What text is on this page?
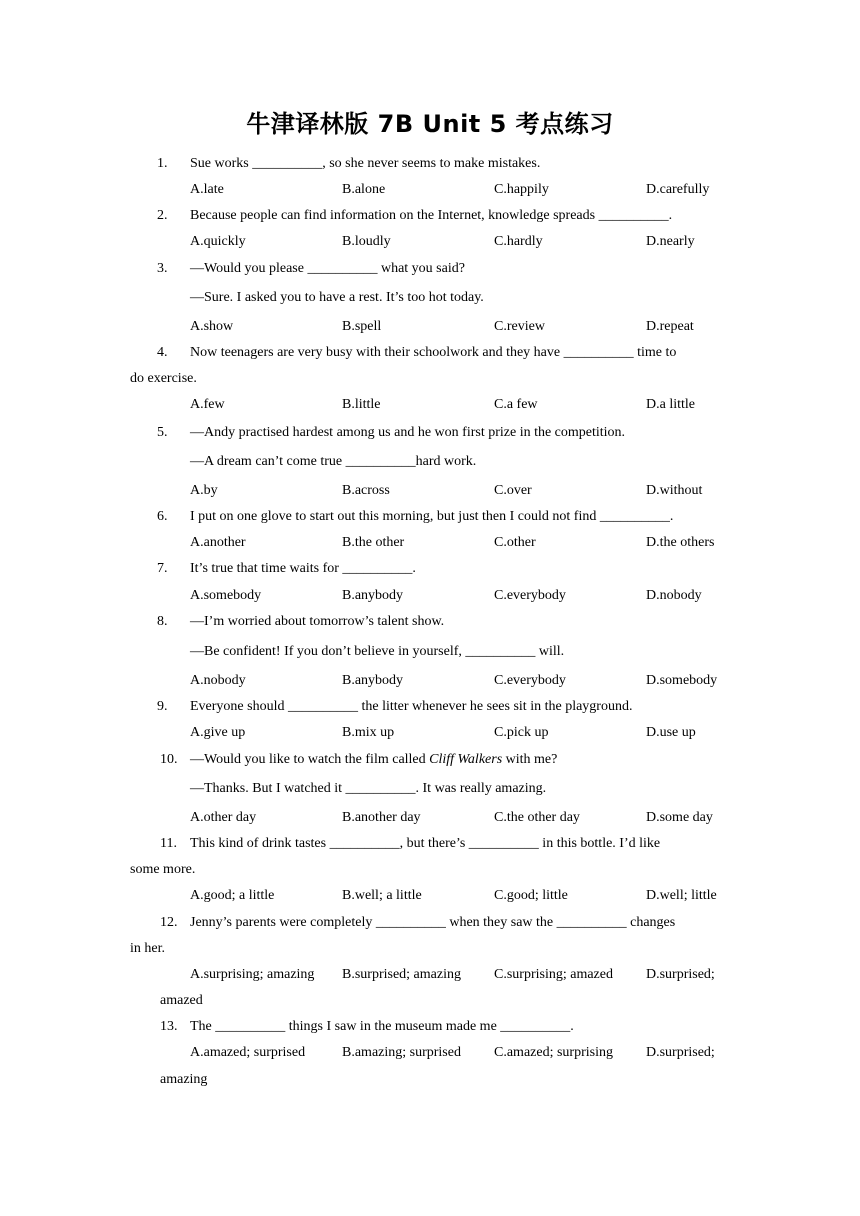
牛津译林版 7B Unit 5 考点练习
1.	Sue works __________, so she never seems to make mistakes.
A.late	B.alone	C.happily	D.carefully
2.	Because people can find information on the Internet, knowledge spreads __________.
A.quickly	B.loudly	C.hardly	D.nearly
3.	—Would you please __________ what you said?
—Sure. I asked you to have a rest. It’s too hot today.
A.show	B.spell	C.review	D.repeat
4.	Now teenagers are very busy with their schoolwork and they have __________ time to
do exercise.
A.few	B.little	C.a few	D.a little
5.	—Andy practised hardest among us and he won first prize in the competition.
—A dream can’t come true __________hard work.
A.by	B.across	C.over	D.without
6.	I put on one glove to start out this morning, but just then I could not find __________.
A.another	B.the other	C.other	D.the others
7.	It’s true that time waits for __________.
A.somebody	B.anybody	C.everybody	D.nobody
8.	—I’m worried about tomorrow’s talent show.
—Be confident! If you don’t believe in yourself, __________ will.
A.nobody	B.anybody	C.everybody	D.somebody
9.	Everyone should __________ the litter whenever he sees sit in the playground.
A.give up	B.mix up	C.pick up	D.use up
10. —Would you like to watch the film called Cliff Walkers with me?
—Thanks. But I watched it __________. It was really amazing.
A.other day	B.another day	C.the other day	D.some day
11. This kind of drink tastes __________, but there’s __________ in this bottle. I’d like
some more.
A.good; a little	B.well; a little	C.good; little	D.well; little
12. Jenny’s parents were completely __________ when they saw the __________ changes
in her.
A.surprising; amazing B.surprised; amazing C.surprising; amazed D.surprised;
amazed
13. The __________ things I saw in the museum made me __________.
A.amazed; surprised	B.amazing; surprised C.amazed; surprising D.surprised;
amazing
